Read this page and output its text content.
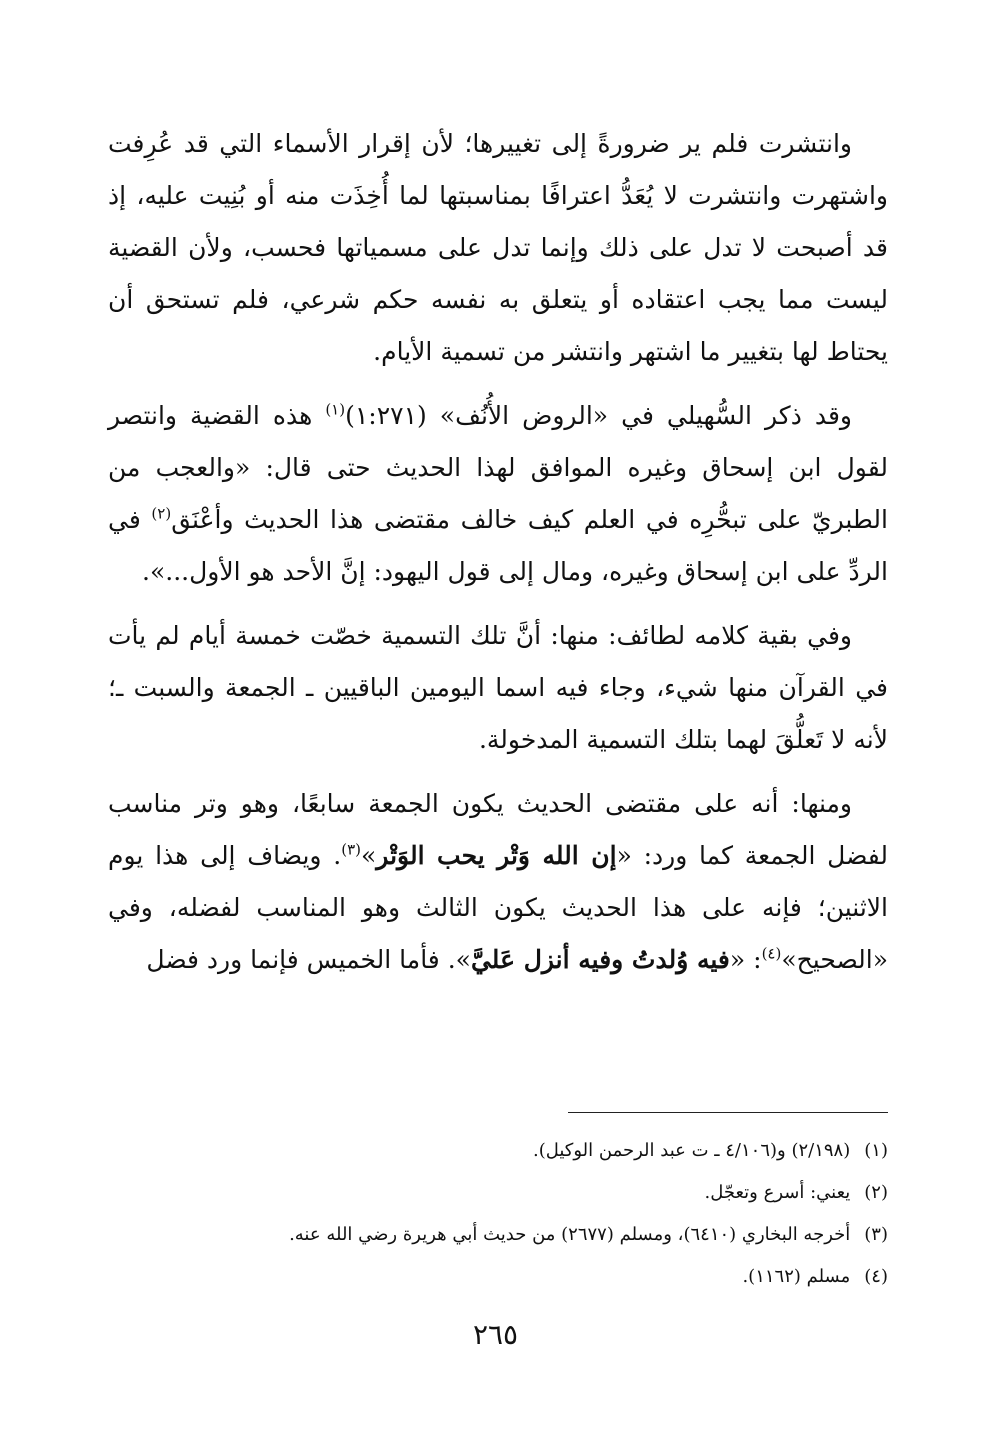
وانتشرت فلم ير ضرورةً إلى تغييرها؛ لأن إقرار الأسماء التي قد عُرِفت واشتهرت وانتشرت لا يُعَدُّ اعترافًا بمناسبتها لما أُخِذَت منه أو بُنِيت عليه، إذ قد أصبحت لا تدل على ذلك وإنما تدل على مسمياتها فحسب، ولأن القضية ليست مما يجب اعتقاده أو يتعلق به نفسه حكم شرعي، فلم تستحق أن يحتاط لها بتغيير ما اشتهر وانتشر من تسمية الأيام.

وقد ذكر السُّهيلي في «الروض الأُنُف» (١:٢٧١)$^{(١)}$ هذه القضية وانتصر لقول ابن إسحاق وغيره الموافق لهذا الحديث حتى قال: «والعجب من الطبريّ على تبحُّرِه في العلم كيف خالف مقتضى هذا الحديث وأعْنَق$^{(٢)}$ في الردِّ على ابن إسحاق وغيره، ومال إلى قول اليهود: إنَّ الأحد هو الأول...».

وفي بقية كلامه لطائف: منها: أنَّ تلك التسمية خصّت خمسة أيام لم يأت في القرآن منها شيء، وجاء فيه اسما اليومين الباقيين ـ الجمعة والسبت ـ؛ لأنه لا تَعلُّقَ لهما بتلك التسمية المدخولة.

ومنها: أنه على مقتضى الحديث يكون الجمعة سابعًا، وهو وتر مناسب لفضل الجمعة كما ورد: «إن الله وَتْر يحب الوَتْر»$^{(٣)}$. ويضاف إلى هذا يوم الاثنين؛ فإنه على هذا الحديث يكون الثالث وهو المناسب لفضله، وفي «الصحيح»$^{(٤)}$: «فيه وُلدتُ وفيه أنزل عَليَّ». فأما الخميس فإنما ورد فضل

(١)(٢/١٩٨) و(٤/١٠٦ ـ ت عبد الرحمن الوكيل).

(٢)يعني: أسرع وتعجّل.

(٣)أخرجه البخاري (٦٤١٠)، ومسلم (٢٦٧٧) من حديث أبي هريرة رضي الله عنه.

(٤)مسلم (١١٦٢).

٢٦٥
